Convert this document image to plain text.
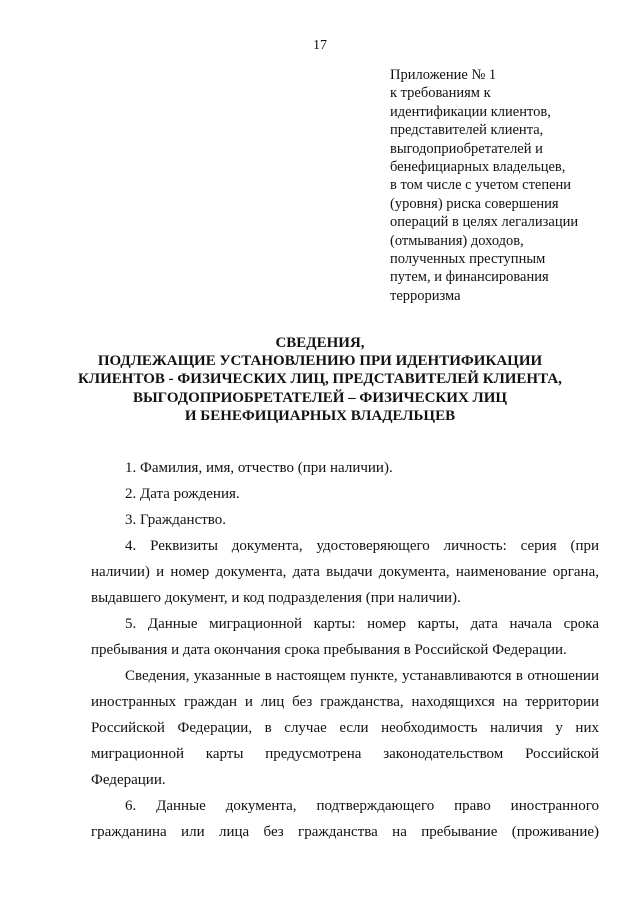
17
Приложение № 1
к требованиям к
идентификации клиентов,
представителей клиента,
выгодоприобретателей и
бенефициарных владельцев,
в том числе с учетом степени
(уровня) риска совершения
операций в целях легализации
(отмывания) доходов,
полученных преступным
путем, и финансирования
терроризма
СВЕДЕНИЯ,
ПОДЛЕЖАЩИЕ УСТАНОВЛЕНИЮ ПРИ ИДЕНТИФИКАЦИИ
КЛИЕНТОВ - ФИЗИЧЕСКИХ ЛИЦ, ПРЕДСТАВИТЕЛЕЙ КЛИЕНТА,
ВЫГОДОПРИОБРЕТАТЕЛЕЙ – ФИЗИЧЕСКИХ ЛИЦ
И БЕНЕФИЦИАРНЫХ ВЛАДЕЛЬЦЕВ
1. Фамилия, имя, отчество (при наличии).
2. Дата рождения.
3. Гражданство.
4. Реквизиты документа, удостоверяющего личность: серия (при
наличии) и номер документа, дата выдачи документа, наименование органа,
выдавшего документ, и код подразделения (при наличии).
5. Данные миграционной карты: номер карты, дата начала срока
пребывания и дата окончания срока пребывания в Российской Федерации.
Сведения, указанные в настоящем пункте, устанавливаются в отношении
иностранных граждан и лиц без гражданства, находящихся на территории
Российской Федерации, в случае если необходимость наличия у них
миграционной карты предусмотрена законодательством Российской
Федерации.
6. Данные документа, подтверждающего право иностранного
гражданина или лица без гражданства на пребывание (проживание)
